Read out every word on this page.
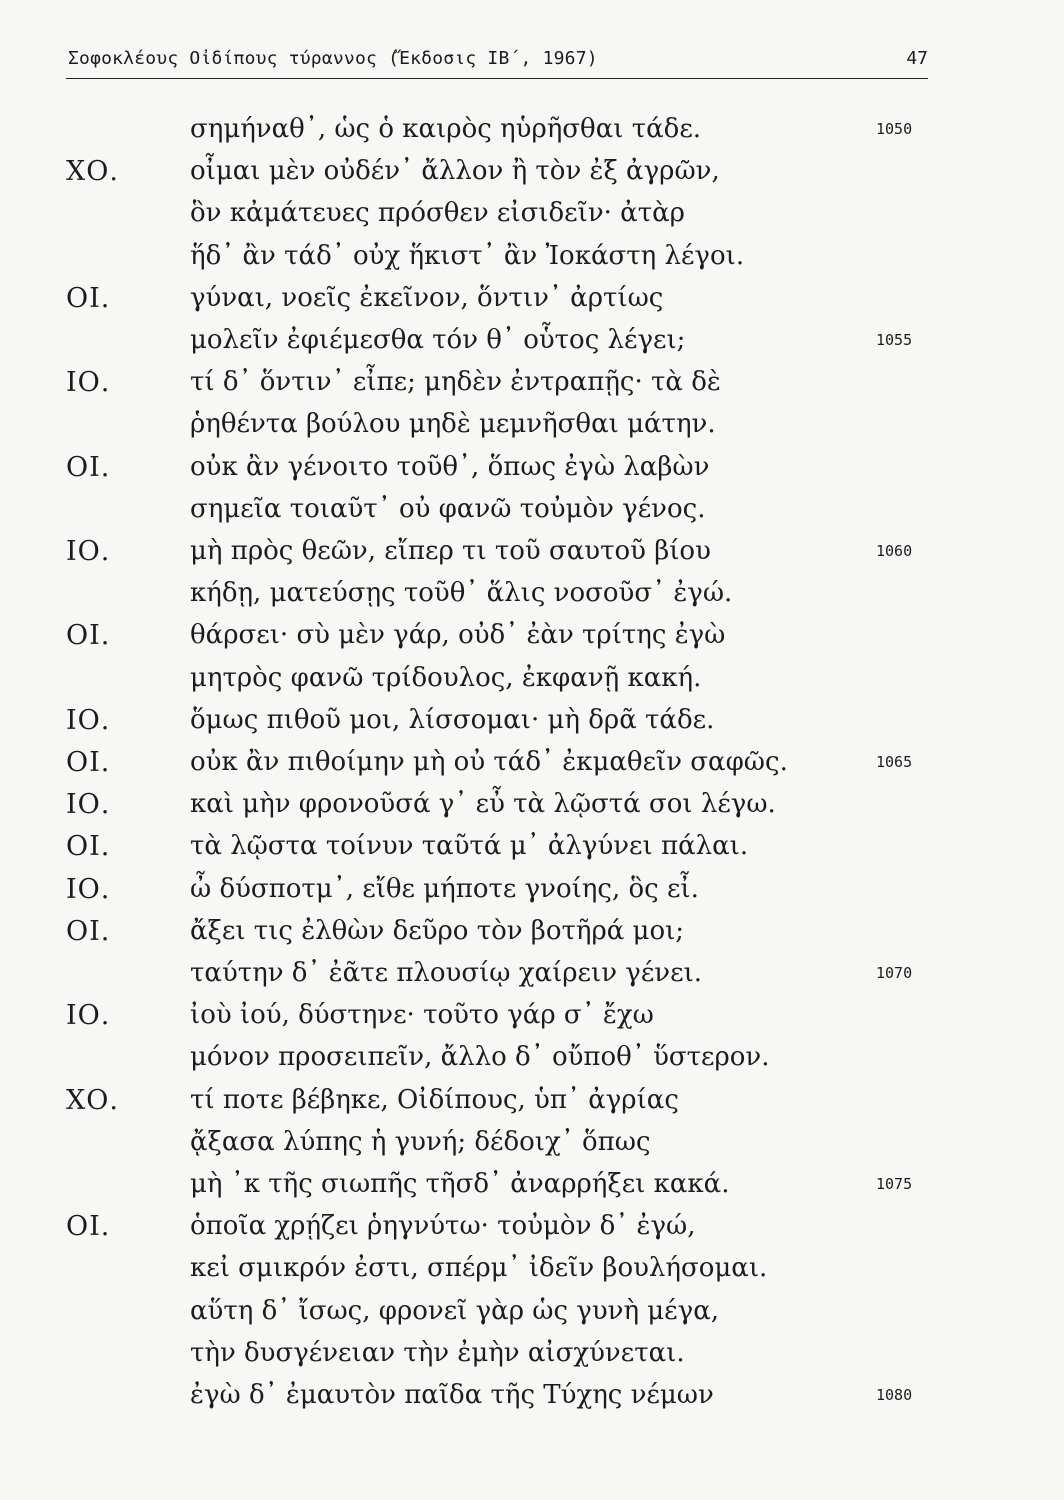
Σοφοκλέους Οἰδίπους τύραννος (Ἔκδοσις ΙΒ΄, 1967)	47
σημήναθ᾽, ὡς ὁ καιρὸς ηὑρῆσθαι τάδε.	1050
ΧΟ.	οἶμαι μὲν οὐδέν᾽ ἄλλον ἢ τὸν ἐξ ἀγρῶν,
ὃν κἀμάτευες πρόσθεν εἰσιδεῖν· ἀτὰρ
ἥδ᾽ ἂν τάδ᾽ οὐχ ἥκιστ᾽ ἂν Ἰοκάστη λέγοι.
ΟΙ.	γύναι, νοεῖς ἐκεῖνον, ὅντιν᾽ ἀρτίως
μολεῖν ἐφιέμεσθα τόν θ᾽ οὗτος λέγει;	1055
ΙΟ.	τί δ᾽ ὅντιν᾽ εἶπε; μηδὲν ἐντραπῇς· τὰ δὲ
ῥηθέντα βούλου μηδὲ μεμνῆσθαι μάτην.
ΟΙ.	οὐκ ἂν γένοιτο τοῦθ᾽, ὅπως ἐγὼ λαβὼν
σημεῖα τοιαῦτ᾽ οὐ φανῶ τοὐμὸν γένος.
ΙΟ.	μὴ πρὸς θεῶν, εἴπερ τι τοῦ σαυτοῦ βίου	1060
κήδῃ, ματεύσῃς τοῦθ᾽ ἅλις νοσοῦσ᾽ ἐγώ.
ΟΙ.	θάρσει· σὺ μὲν γάρ, οὐδ᾽ ἐὰν τρίτης ἐγὼ
μητρὸς φανῶ τρίδουλος, ἐκφανῇ κακή.
ΙΟ.	ὅμως πιθοῦ μοι, λίσσομαι· μὴ δρᾶ τάδε.
ΟΙ.	οὐκ ἂν πιθοίμην μὴ οὐ τάδ᾽ ἐκμαθεῖν σαφῶς.	1065
ΙΟ.	καὶ μὴν φρονοῦσά γ᾽ εὖ τὰ λῷστά σοι λέγω.
ΟΙ.	τὰ λῷστα τοίνυν ταῦτά μ᾽ ἀλγύνει πάλαι.
ΙΟ.	ὦ δύσποτμ᾽, εἴθε μήποτε γνοίης, ὃς εἶ.
ΟΙ.	ἄξει τις ἐλθὼν δεῦρο τὸν βοτῆρά μοι;
ταύτην δ᾽ ἐᾶτε πλουσίῳ χαίρειν γένει.	1070
ΙΟ.	ἰοὺ ἰού, δύστηνε· τοῦτο γάρ σ᾽ ἔχω
μόνον προσειπεῖν, ἄλλο δ᾽ οὔποθ᾽ ὕστερον.
ΧΟ.	τί ποτε βέβηκε, Οἰδίπους, ὑπ᾽ ἀγρίας
ᾄξασα λύπης ἡ γυνή; δέδοιχ᾽ ὅπως
μὴ ᾽κ τῆς σιωπῆς τῆσδ᾽ ἀναρρήξει κακά.	1075
ΟΙ.	ὁποῖα χρῄζει ῥηγνύτω· τοὐμὸν δ᾽ ἐγώ,
κεἰ σμικρόν ἐστι, σπέρμ᾽ ἰδεῖν βουλήσομαι.
αὕτη δ᾽ ἴσως, φρονεῖ γὰρ ὡς γυνὴ μέγα,
τὴν δυσγένειαν τὴν ἐμὴν αἰσχύνεται.
ἐγὼ δ᾽ ἐμαυτὸν παῖδα τῆς Τύχης νέμων	1080
